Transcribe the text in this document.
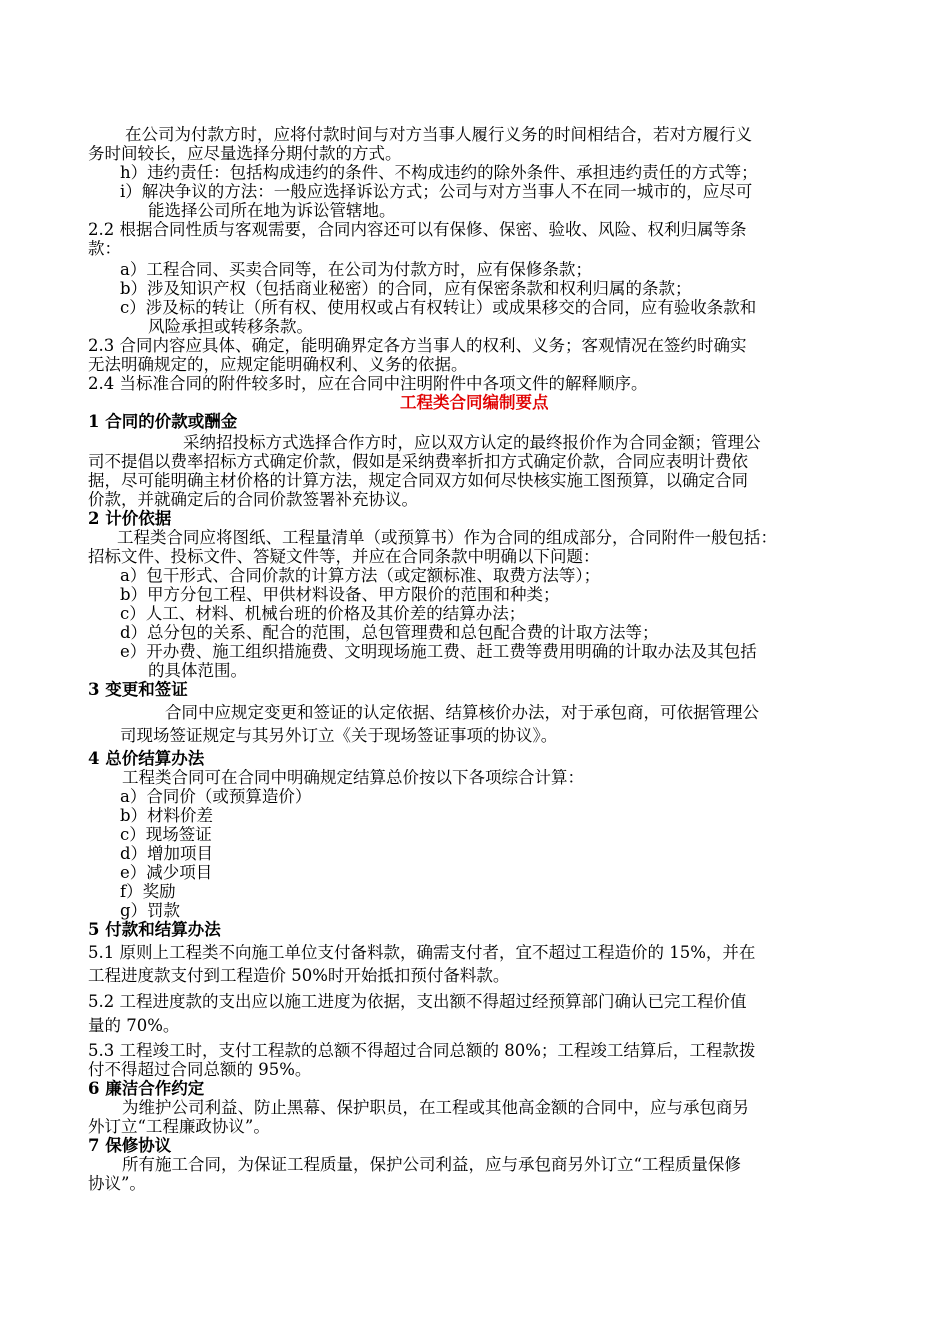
在公司为付款方时，应将付款时间与对方当事人履行义务的时间相结合，若对方履行义
务时间较长，应尽量选择分期付款的方式。
h）违约责任：包括构成违约的条件、不构成违约的除外条件、承担违约责任的方式等；
i）解决争议的方法：一般应选择诉讼方式；公司与对方当事人不在同一城市的，应尽可
能选择公司所在地为诉讼管辖地。
2.2 根据合同性质与客观需要，合同内容还可以有保修、保密、验收、风险、权利归属等条
款：
a）工程合同、买卖合同等，在公司为付款方时，应有保修条款；
b）涉及知识产权（包括商业秘密）的合同，应有保密条款和权利归属的条款；
c）涉及标的转让（所有权、使用权或占有权转让）或成果移交的合同，应有验收条款和
风险承担或转移条款。
2.3 合同内容应具体、确定，能明确界定各方当事人的权利、义务；客观情况在签约时确实
无法明确规定的，应规定能明确权利、义务的依据。
2.4 当标准合同的附件较多时，应在合同中注明附件中各项文件的解释顺序。
工程类合同编制要点
1 合同的价款或酬金
采纳招投标方式选择合作方时，应以双方认定的最终报价作为合同金额；管理公
司不提倡以费率招标方式确定价款，假如是采纳费率折扣方式确定价款，合同应表明计费依
据，尽可能明确主材价格的计算方法，规定合同双方如何尽快核实施工图预算，以确定合同
价款，并就确定后的合同价款签署补充协议。
2 计价依据
工程类合同应将图纸、工程量清单（或预算书）作为合同的组成部分，合同附件一般包括：
招标文件、投标文件、答疑文件等，并应在合同条款中明确以下问题：
a）包干形式、合同价款的计算方法（或定额标准、取费方法等）；
b）甲方分包工程、甲供材料设备、甲方限价的范围和种类；
c）人工、材料、机械台班的价格及其价差的结算办法；
d）总分包的关系、配合的范围，总包管理费和总包配合费的计取方法等；
e）开办费、施工组织措施费、文明现场施工费、赶工费等费用明确的计取办法及其包括
的具体范围。
3 变更和签证
合同中应规定变更和签证的认定依据、结算核价办法，对于承包商，可依据管理公
司现场签证规定与其另外订立《关于现场签证事项的协议》。
4 总价结算办法
工程类合同可在合同中明确规定结算总价按以下各项综合计算：
a）合同价（或预算造价）
b）材料价差
c）现场签证
d）增加项目
e）减少项目
f）奖励
g）罚款
5 付款和结算办法
5.1 原则上工程类不向施工单位支付备料款，确需支付者，宜不超过工程造价的 15%，并在
工程进度款支付到工程造价 50%时开始抵扣预付备料款。
5.2 工程进度款的支出应以施工进度为依据，支出额不得超过经预算部门确认已完工程价值
量的 70%。
5.3 工程竣工时，支付工程款的总额不得超过合同总额的 80%；工程竣工结算后，工程款拨
付不得超过合同总额的 95%。
6 廉洁合作约定
为维护公司利益、防止黑幕、保护职员，在工程或其他高金额的合同中，应与承包商另
外订立“工程廉政协议”。
7 保修协议
所有施工合同，为保证工程质量，保护公司利益，应与承包商另外订立“工程质量保修
协议”。
